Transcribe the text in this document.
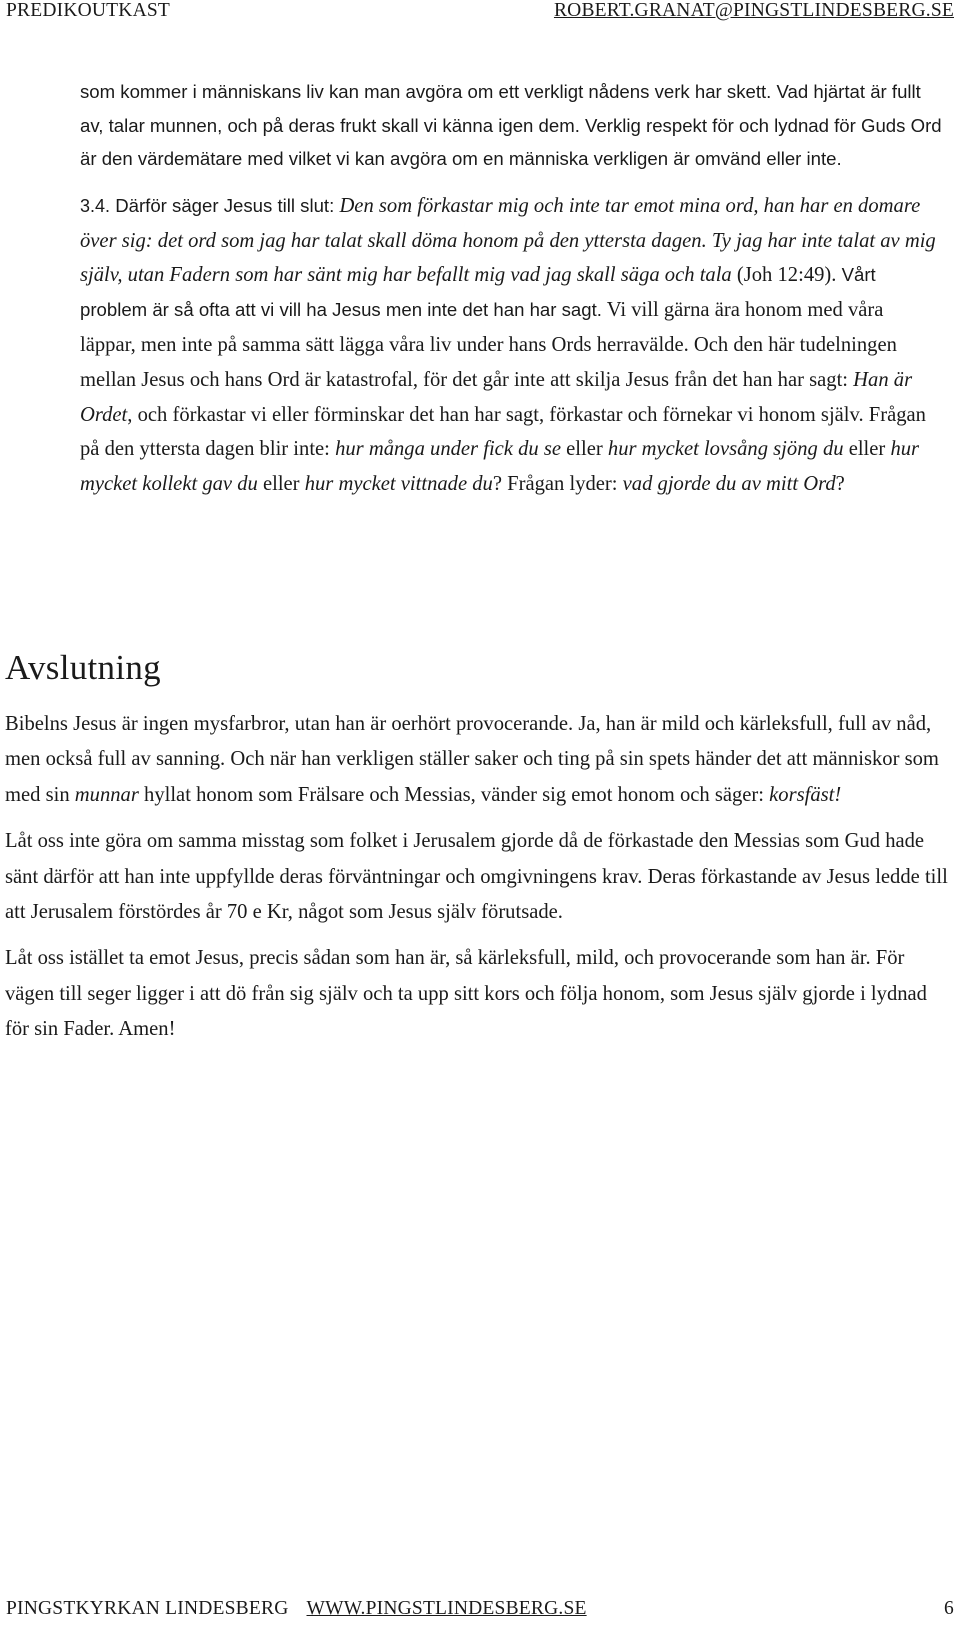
PREDIKOUTKAST	ROBERT.GRANAT@PINGSTLINDESBERG.SE

som kommer i människans liv kan man avgöra om ett verkligt nådens verk har skett. Vad hjärtat är fullt av, talar munnen, och på deras frukt skall vi känna igen dem. Verklig respekt för och lydnad för Guds Ord är den värdemätare med vilket vi kan avgöra om en människa verkligen är omvänd eller inte.

3.4. Därför säger Jesus till slut: Den som förkastar mig och inte tar emot mina ord, han har en domare över sig: det ord som jag har talat skall döma honom på den yttersta dagen. Ty jag har inte talat av mig själv, utan Fadern som har sänt mig har befallt mig vad jag skall säga och tala (Joh 12:49). Vårt problem är så ofta att vi vill ha Jesus men inte det han har sagt. Vi vill gärna ära honom med våra läppar, men inte på samma sätt lägga våra liv under hans Ords herravälde. Och den här tudelningen mellan Jesus och hans Ord är katastrofal, för det går inte att skilja Jesus från det han har sagt: Han är Ordet, och förkastar vi eller förminskar det han har sagt, förkastar och förnekar vi honom själv. Frågan på den yttersta dagen blir inte: hur många under fick du se eller hur mycket lovsång sjöng du eller hur mycket kollekt gav du eller hur mycket vittnade du? Frågan lyder: vad gjorde du av mitt Ord?

Avslutning

Bibelns Jesus är ingen mysfarbror, utan han är oerhört provocerande. Ja, han är mild och kärleksfull, full av nåd, men också full av sanning. Och när han verkligen ställer saker och ting på sin spets händer det att människor som med sin munnar hyllat honom som Frälsare och Messias, vänder sig emot honom och säger: korsfäst!

Låt oss inte göra om samma misstag som folket i Jerusalem gjorde då de förkastade den Messias som Gud hade sänt därför att han inte uppfyllde deras förväntningar och omgivningens krav. Deras förkastande av Jesus ledde till att Jerusalem förstördes år 70 e Kr, något som Jesus själv förutsade.

Låt oss istället ta emot Jesus, precis sådan som han är, så kärleksfull, mild, och provocerande som han är. För vägen till seger ligger i att dö från sig själv och ta upp sitt kors och följa honom, som Jesus själv gjorde i lydnad för sin Fader. Amen!

PINGSTKYRKAN LINDESBERG WWW.PINGSTLINDESBERG.SE	6
